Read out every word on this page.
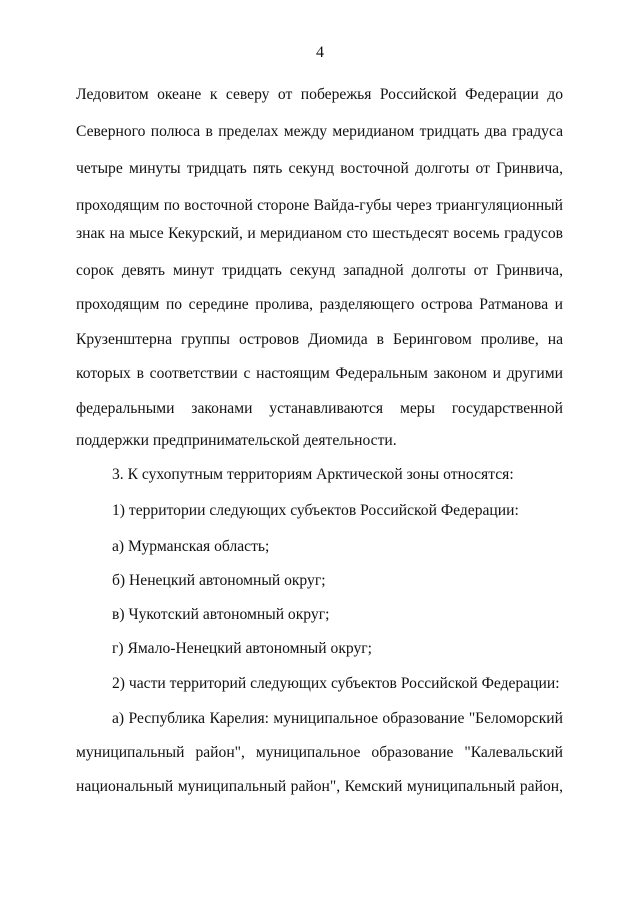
4
Ледовитом океане к северу от побережья Российской Федерации до
Северного полюса в пределах между меридианом тридцать два градуса
четыре минуты тридцать пять секунд восточной долготы от Гринвича,
проходящим по восточной стороне Вайда-губы через триангуляционный
знак на мысе Кекурский, и меридианом сто шестьдесят восемь градусов
сорок девять минут тридцать секунд западной долготы от Гринвича,
проходящим по середине пролива, разделяющего острова Ратманова и
Крузенштерна группы островов Диомида в Беринговом проливе, на
которых в соответствии с настоящим Федеральным законом и другими
федеральными законами устанавливаются меры государственной
поддержки предпринимательской деятельности.
3. К сухопутным территориям Арктической зоны относятся:
1) территории следующих субъектов Российской Федерации:
а) Мурманская область;
б) Ненецкий автономный округ;
в) Чукотский автономный округ;
г) Ямало-Ненецкий автономный округ;
2) части территорий следующих субъектов Российской Федерации:
а) Республика Карелия: муниципальное образование "Беломорский
муниципальный район", муниципальное образование "Калевальский
национальный муниципальный район", Кемский муниципальный район,
